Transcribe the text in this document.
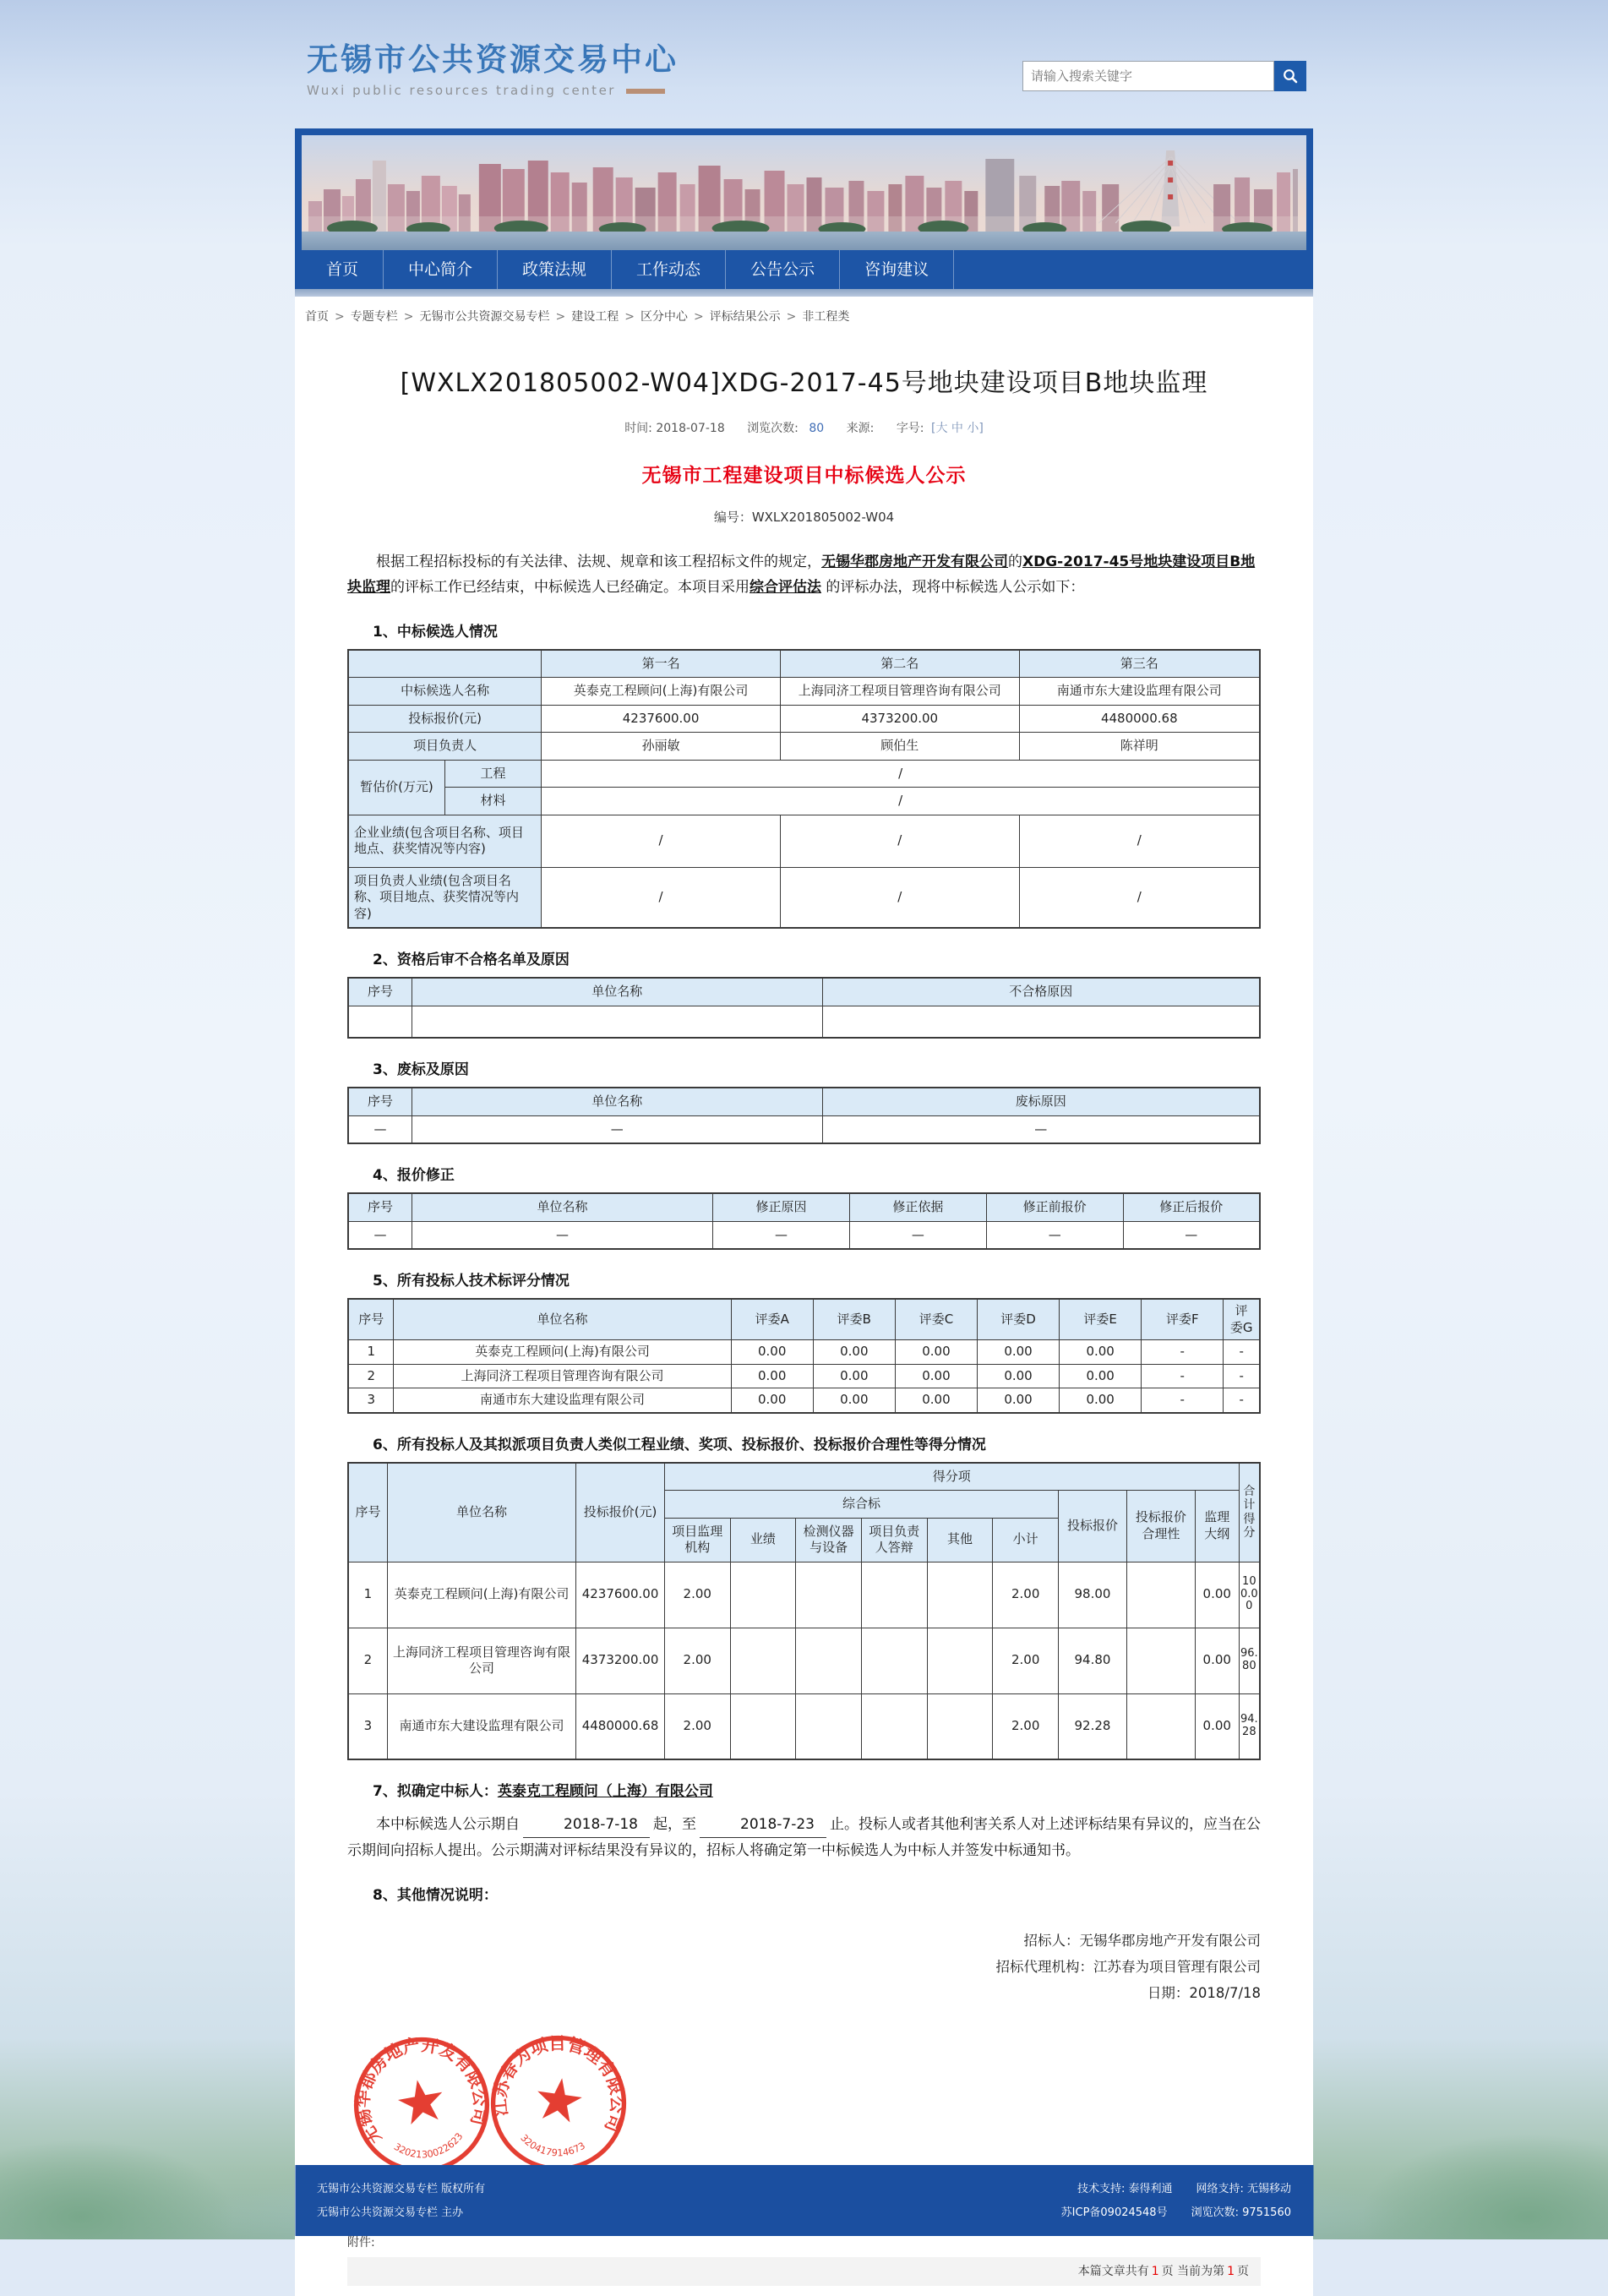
无锡市公共资源交易中心
Wuxi public resources trading center
请输入搜索关键字
首页	中心简介	政策法规	工作动态	公告公示	咨询建议
首页 > 专题专栏 > 无锡市公共资源交易专栏 > 建设工程 > 区分中心 > 评标结果公示 > 非工程类
[WXLX201805002-W04]XDG-2017-45号地块建设项目B地块监理
时间: 2018-07-18 浏览次数: 80 来源: 字号: [大 中 小]
无锡市工程建设项目中标候选人公示
编号：WXLX201805002-W04

根据工程招标投标的有关法律、法规、规章和该工程招标文件的规定，无锡华郡房地产开发有限公司的XDG-2017-45号地块建设项目B地块监理的评标工作已经结束，中标候选人已经确定。本项目采用综合评估法 的评标办法，现将中标候选人公示如下：

1、中标候选人情况
		第一名	第二名	第三名
中标候选人名称		英泰克工程顾问(上海)有限公司	上海同济工程项目管理咨询有限公司	南通市东大建设监理有限公司
投标报价(元)		4237600.00	4373200.00	4480000.68
项目负责人		孙丽敏	顾伯生	陈祥明
暂估价(万元)	工程	/		
	材料	/		
企业业绩(包含项目名称、项目地点、获奖情况等内容)		/	/	/
项目负责人业绩(包含项目名称、项目地点、获奖情况等内容)		/	/	/
2、资格后审不合格名单及原因
序号	单位名称	不合格原因

3、废标及原因
序号	单位名称	废标原因
—	—	—
4、报价修正
序号	单位名称	修正原因	修正依据	修正前报价	修正后报价
—	—	—	—	—	—
5、所有投标人技术标评分情况
序号	单位名称	评委A	评委B	评委C	评委D	评委E	评委F	评委G
1	英泰克工程顾问(上海)有限公司	0.00	0.00	0.00	0.00	0.00	-	-
2	上海同济工程项目管理咨询有限公司	0.00	0.00	0.00	0.00	0.00	-	-
3	南通市东大建设监理有限公司	0.00	0.00	0.00	0.00	0.00	-	-
6、所有投标人及其拟派项目负责人类似工程业绩、奖项、投标报价、投标报价合理性等得分情况
序号	单位名称	投标报价(元)	得分项									合计得分
			综合标						投标报价	投标报价合理性	监理大纲	
			项目监理机构	业绩	检测仪器与设备	项目负责人答辩	其他	小计				
1	英泰克工程顾问(上海)有限公司	4237600.00	2.00					2.00	98.00		0.00	100.00
2	上海同济工程项目管理咨询有限公司	4373200.00	2.00					2.00	94.80		0.00	96.80
3	南通市东大建设监理有限公司	4480000.68	2.00					2.00	92.28		0.00	94.28
7、拟确定中标人：英泰克工程顾问（上海）有限公司

本中标候选人公示期自	2018-7-18 起，至	2018-7-23 止。投标人或者其他利害关系人对上述评标结果有异议的，应当在公示期间向招标人提出。公示期满对评标结果没有异议的，招标人将确定第一中标候选人为中标人并签发中标通知书。

8、其他情况说明：
招标人：无锡华郡房地产开发有限公司
招标代理机构：江苏春为项目管理有限公司
日期：2018/7/18
无锡华郡房地产开发有限公司
3202130022623
江苏春为项目管理有限公司
320417914673
附件:
本篇文章共有 1 页 当前为第 1 页
无锡市公共资源交易专栏 版权所有
无锡市公共资源交易专栏 主办
技术支持: 泰得利通 网络支持: 无锡移动
苏ICP备09024548号 浏览次数: 9751560
